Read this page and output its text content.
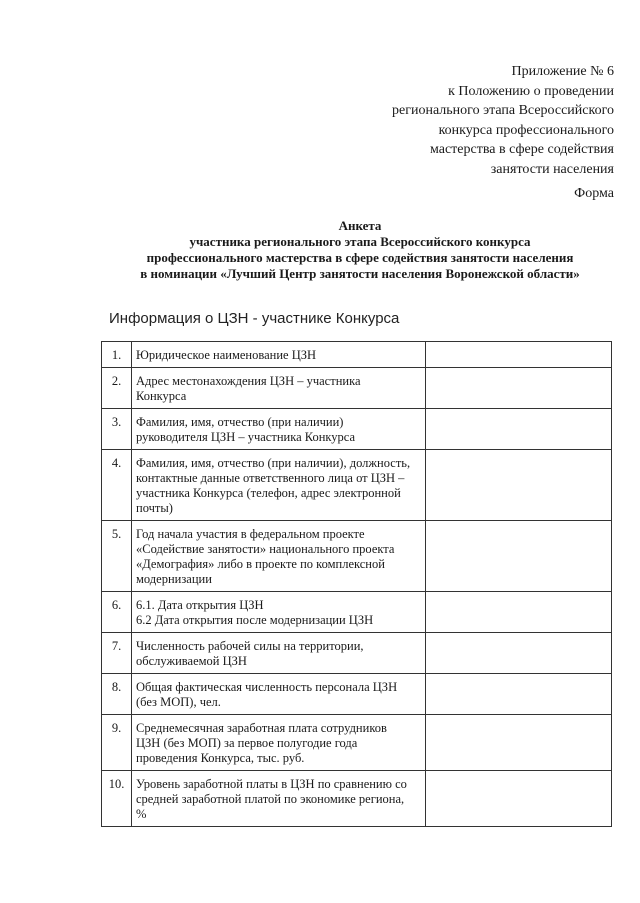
Приложение № 6
к Положению о проведении
регионального этапа Всероссийского
конкурса профессионального
мастерства в сфере содействия
занятости населения
Форма
Анкета
участника регионального этапа Всероссийского конкурса
профессионального мастерства в сфере содействия занятости населения
в номинации «Лучший Центр занятости населения Воронежской области»
Информация о ЦЗН - участнике Конкурса
1.	Юридическое наименование ЦЗН	

2.	Адрес местонахождения ЦЗН – участника
Конкурса	

3.	Фамилия, имя, отчество (при наличии)
руководителя ЦЗН – участника Конкурса	

4.	Фамилия, имя, отчество (при наличии), должность,
контактные данные ответственного лица от ЦЗН –
участника Конкурса (телефон, адрес электронной
почты)	

5.	Год начала участия в федеральном проекте
«Содействие занятости» национального проекта
«Демография» либо в проекте по комплексной
модернизации	

6.	6.1. Дата открытия ЦЗН
6.2 Дата открытия после модернизации ЦЗН	

7.	Численность рабочей силы на территории,
обслуживаемой ЦЗН	

8.	Общая фактическая численность персонала ЦЗН
(без МОП), чел.	

9.	Среднемесячная заработная плата сотрудников
ЦЗН (без МОП) за первое полугодие года
проведения Конкурса, тыс. руб.	

10.	Уровень заработной платы в ЦЗН по сравнению со
средней заработной платой по экономике региона,
%	
